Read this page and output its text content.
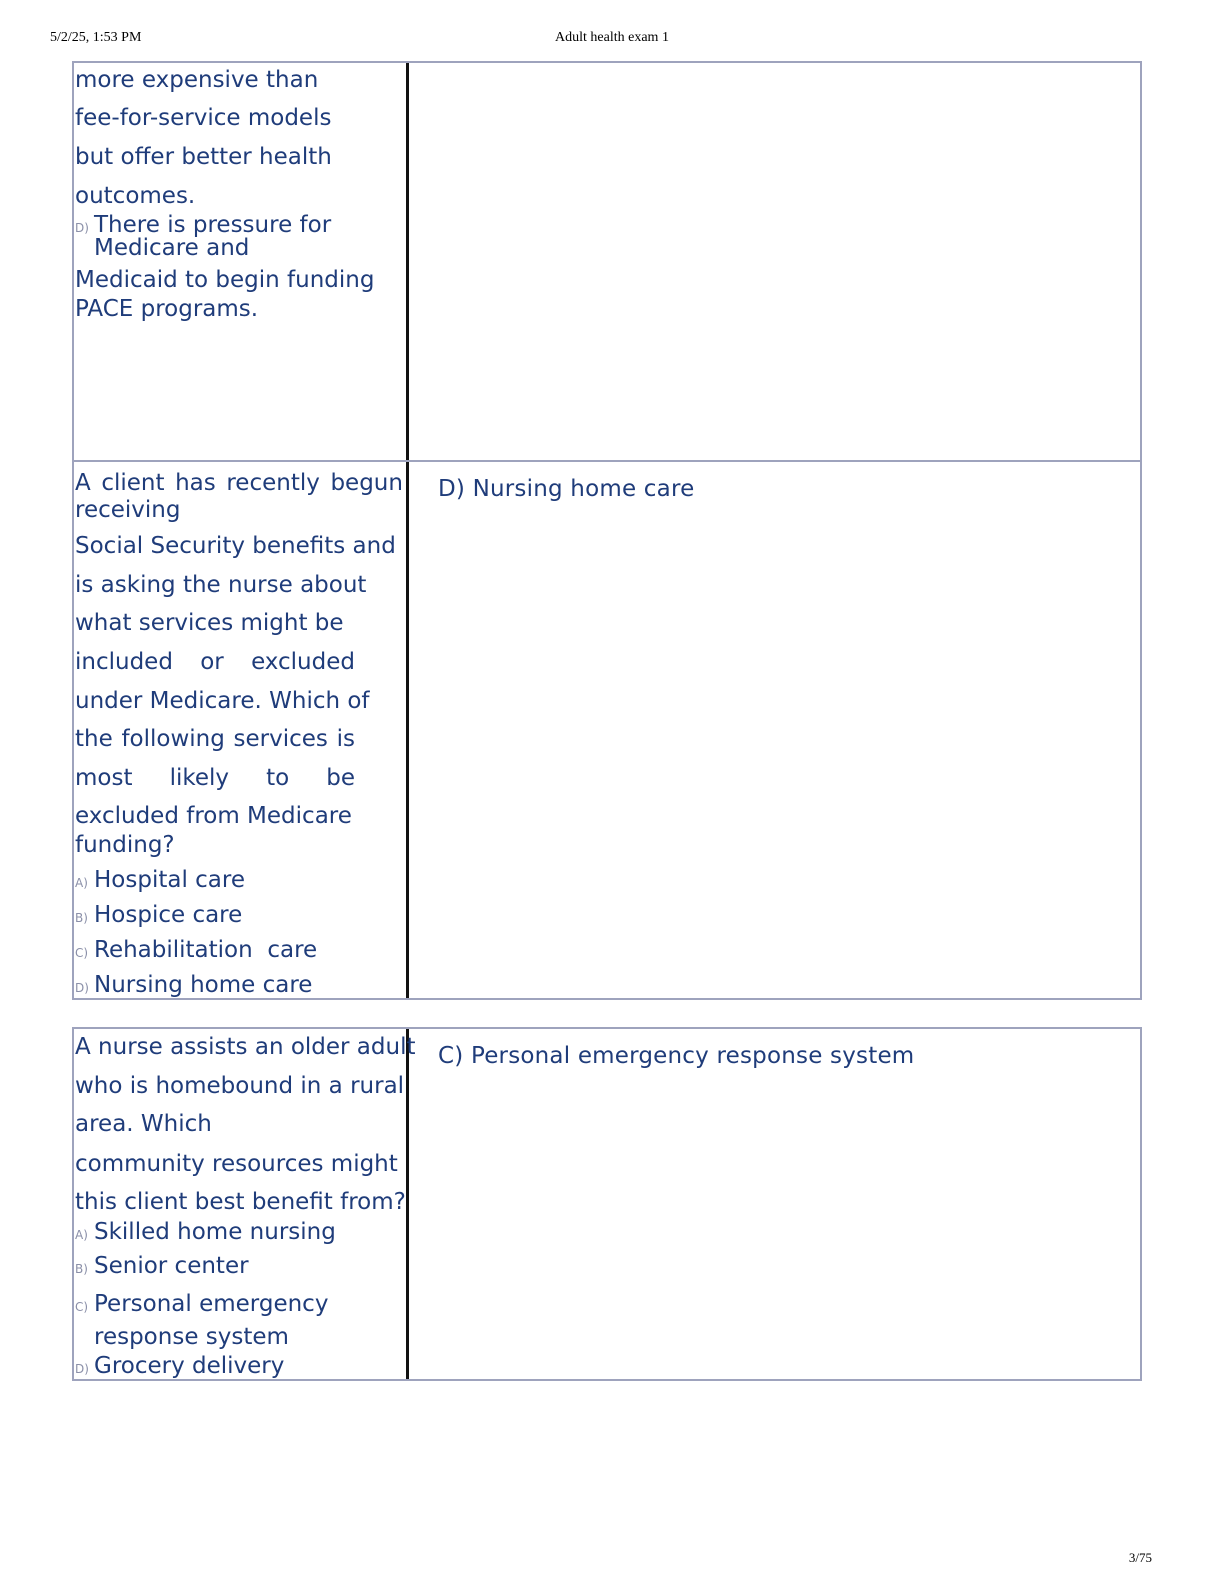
5/2/25, 1:53 PM	Adult health exam 1
more expensive than
fee-for-service models
but offer better health
outcomes.
D) There is pressure for
Medicare and
Medicaid to begin funding
PACE programs.
A client has recently begun
receiving
Social Security benefits and
is asking the nurse about
what services might be
included or excluded
under Medicare. Which of
the following services is
most likely to be
excluded from Medicare
funding?
A) Hospital care
B) Hospice care
C) Rehabilitation  care
D) Nursing home care
D) Nursing home care
A nurse assists an older adult
who is homebound in a rural
area. Which
community resources might
this client best benefit from?
A) Skilled home nursing
B) Senior center
C) Personal emergency
response system
D) Grocery delivery
C) Personal emergency response system
3/75
